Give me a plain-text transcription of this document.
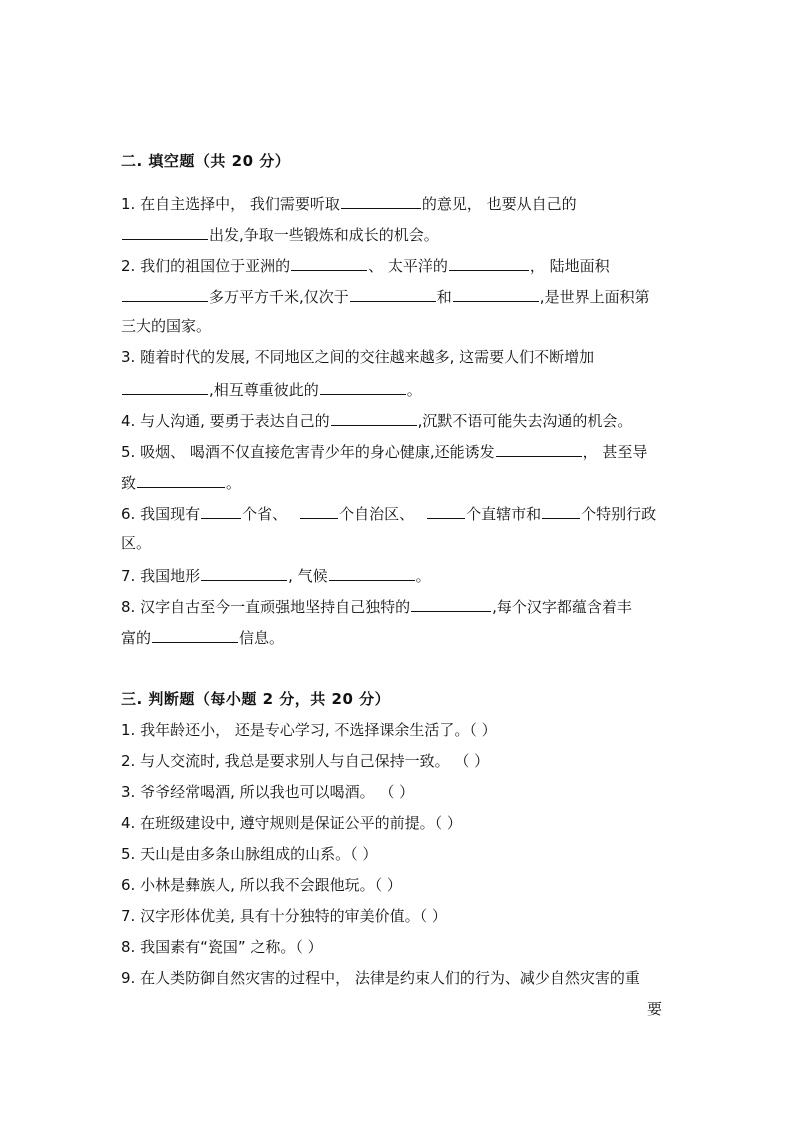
二. 填空题（共 20 分）
1. 在自主选择中， 我们需要听取	的意见， 也要从自己的
出发,争取一些锻炼和成长的机会。
2. 我们的祖国位于亚洲的	、 太平洋的	， 陆地面积
多万平方千米,仅次于	和	,是世界上面积第
三大的国家。
3. 随着时代的发展, 不同地区之间的交往越来越多, 这需要人们不断增加
,相互尊重彼此的	。
4. 与人沟通, 要勇于表达自己的	,沉默不语可能失去沟通的机会。
5. 吸烟、 喝酒不仅直接危害青少年的身心健康,还能诱发	， 甚至导
致	。
6. 我国现有	个省、	个自治区、	个直辖市和	个特别行政
区。
7. 我国地形	, 气候	。
8. 汉字自古至今一直顽强地坚持自己独特的	,每个汉字都蕴含着丰
富的	信息。
三. 判断题（每小题 2 分，共 20 分）
1. 我年龄还小， 还是专心学习, 不选择课余生活了。（ ）
2. 与人交流时, 我总是要求别人与自己保持一致。 （ ）
3. 爷爷经常喝酒, 所以我也可以喝酒。 （ ）
4. 在班级建设中, 遵守规则是保证公平的前提。（ ）
5. 天山是由多条山脉组成的山系。（ ）
6. 小林是彝族人, 所以我不会跟他玩。（ ）
7. 汉字形体优美, 具有十分独特的审美价值。（ ）
8. 我国素有“瓷国” 之称。（ ）
9. 在人类防御自然灾害的过程中， 法律是约束人们的行为、减少自然灾害的重
要
